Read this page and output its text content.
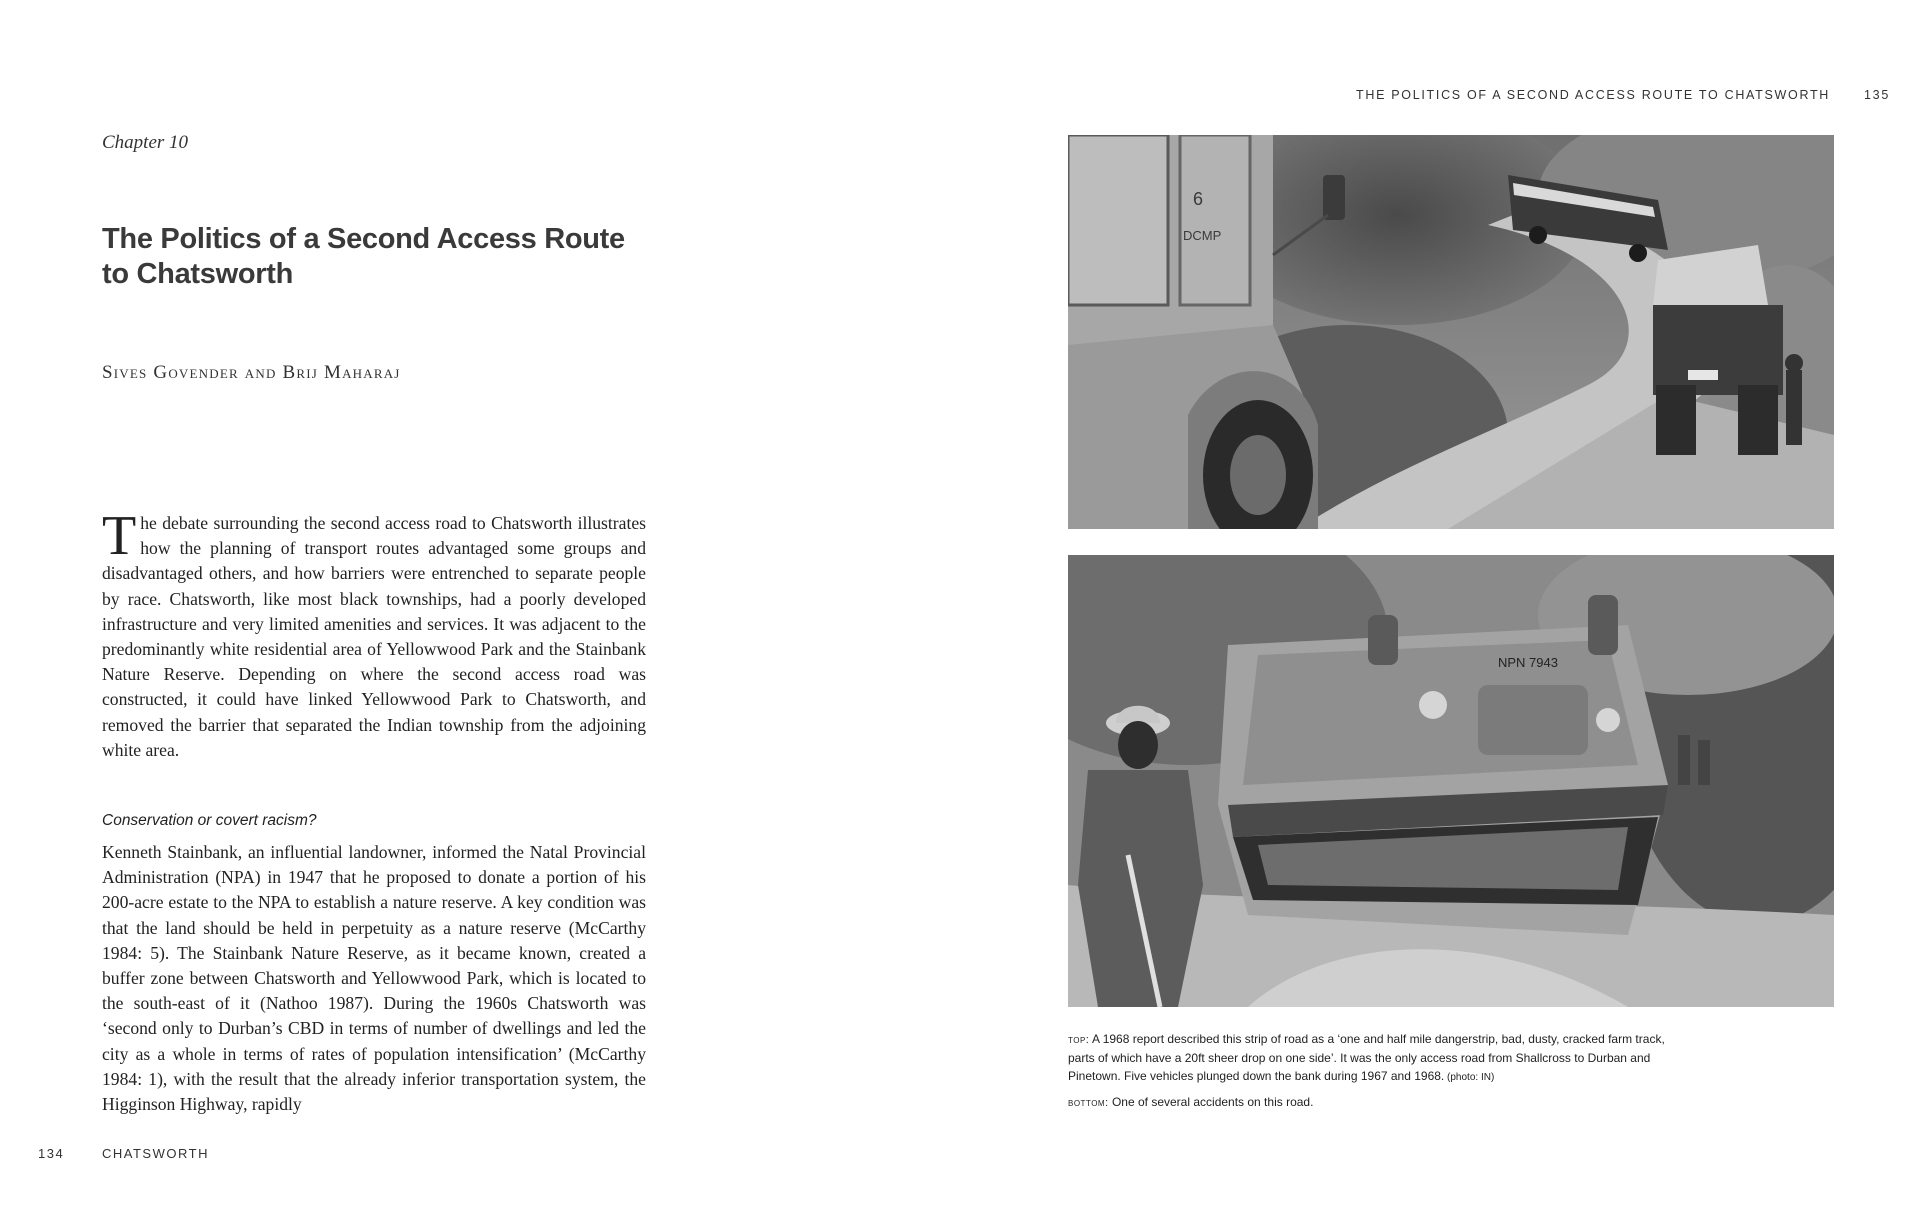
Chapter 10
The Politics of a Second Access Route
to Chatsworth
Sives Govender and Brij Maharaj
The debate surrounding the second access road to Chatsworth illustrates how the planning of transport routes advantaged some groups and disadvantaged others, and how barriers were entrenched to separate people by race. Chatsworth, like most black townships, had a poorly developed infrastructure and very limited amenities and services. It was adjacent to the predominantly white residential area of Yellowwood Park and the Stainbank Nature Reserve. Depending on where the second access road was constructed, it could have linked Yellowwood Park to Chatsworth, and removed the barrier that separated the Indian township from the adjoining white area.
Conservation or covert racism?
Kenneth Stainbank, an influential landowner, informed the Natal Provincial Administration (NPA) in 1947 that he proposed to donate a portion of his 200-acre estate to the NPA to establish a nature reserve. A key condition was that the land should be held in perpetuity as a nature reserve (McCarthy 1984: 5). The Stainbank Nature Reserve, as it became known, created a buffer zone between Chatsworth and Yellowwood Park, which is located to the south-east of it (Nathoo 1987). During the 1960s Chatsworth was ‘second only to Durban’s CBD in terms of number of dwellings and led the city as a whole in terms of rates of population intensification’ (McCarthy 1984: 1), with the result that the already inferior transportation system, the Higginson Highway, rapidly
134	CHATSWORTH
THE POLITICS OF A SECOND ACCESS ROUTE TO CHATSWORTH	135
6
DCMP
NPN 7943
top: A 1968 report described this strip of road as a ‘one and half mile dangerstrip, bad, dusty, cracked farm track, parts of which have a 20ft sheer drop on one side’. It was the only access road from Shallcross to Durban and Pinetown. Five vehicles plunged down the bank during 1967 and 1968. (photo: IN)
bottom: One of several accidents on this road.
